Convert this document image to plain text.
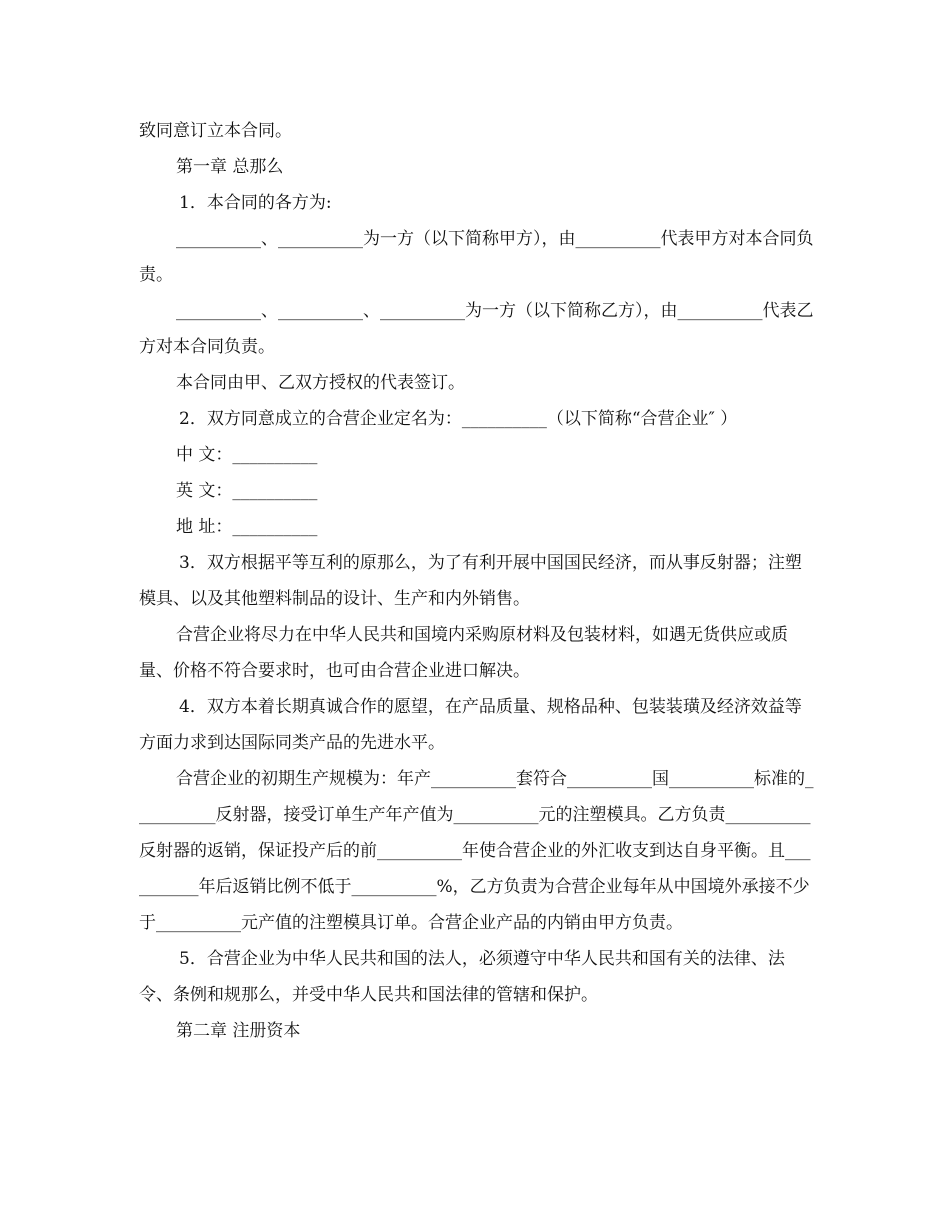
致同意订立本合同。

第一章 总那么

1．本合同的各方为:

__________、__________为一方（以下简称甲方），由__________代表甲方对本合同负责。

__________、__________、__________为一方（以下简称乙方），由__________代表乙方对本合同负责。

本合同由甲、乙双方授权的代表签订。

2．双方同意成立的合营企业定名为：__________（以下简称“合营企业″ ）

中 文：__________

英 文：__________

地 址：__________

3．双方根据平等互利的原那么，为了有利开展中国国民经济，而从事反射器；注塑模具、以及其他塑料制品的设计、生产和内外销售。

合营企业将尽力在中华人民共和国境内采购原材料及包装材料，如遇无货供应或质量、价格不符合要求时，也可由合营企业进口解决。

4．双方本着长期真诚合作的愿望，在产品质量、规格品种、包装装璜及经济效益等方面力求到达国际同类产品的先进水平。

合营企业的初期生产规模为：年产__________套符合__________国__________标准的__________反射器，接受订单生产年产值为__________元的注塑模具。乙方负责__________反射器的返销，保证投产后的前__________年使合营企业的外汇收支到达自身平衡。且__________年后返销比例不低于__________%，乙方负责为合营企业每年从中国境外承接不少于__________元产值的注塑模具订单。合营企业产品的内销由甲方负责。

5．合营企业为中华人民共和国的法人，必须遵守中华人民共和国有关的法律、法令、条例和规那么，并受中华人民共和国法律的管辖和保护。

第二章 注册资本
